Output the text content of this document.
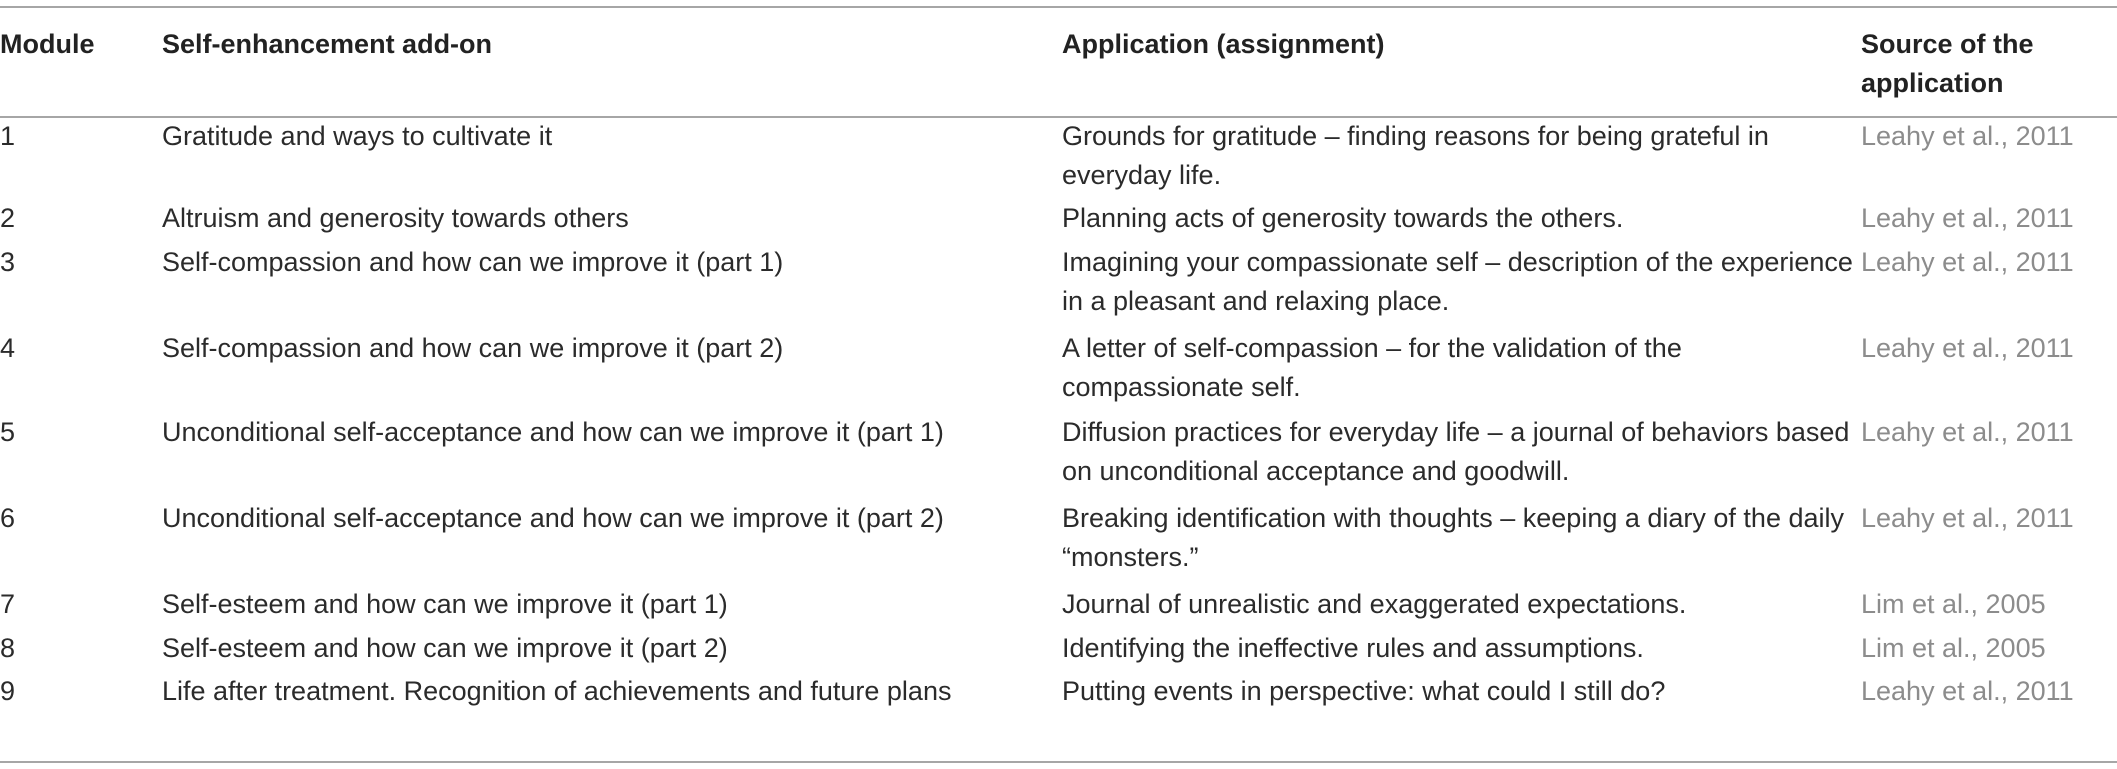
Module	Self-enhancement add-on	Application (assignment)	Source of the application
1	Gratitude and ways to cultivate it	Grounds for gratitude – finding reasons for being grateful in everyday life.	Leahy et al., 2011
2	Altruism and generosity towards others	Planning acts of generosity towards the others.	Leahy et al., 2011
3	Self-compassion and how can we improve it (part 1)	Imagining your compassionate self – description of the experience in a pleasant and relaxing place.	Leahy et al., 2011
4	Self-compassion and how can we improve it (part 2)	A letter of self-compassion – for the validation of the compassionate self.	Leahy et al., 2011
5	Unconditional self-acceptance and how can we improve it (part 1)	Diffusion practices for everyday life – a journal of behaviors based on unconditional acceptance and goodwill.	Leahy et al., 2011
6	Unconditional self-acceptance and how can we improve it (part 2)	Breaking identification with thoughts – keeping a diary of the daily “monsters.”	Leahy et al., 2011
7	Self-esteem and how can we improve it (part 1)	Journal of unrealistic and exaggerated expectations.	Lim et al., 2005
8	Self-esteem and how can we improve it (part 2)	Identifying the ineffective rules and assumptions.	Lim et al., 2005
9	Life after treatment. Recognition of achievements and future plans	Putting events in perspective: what could I still do?	Leahy et al., 2011
